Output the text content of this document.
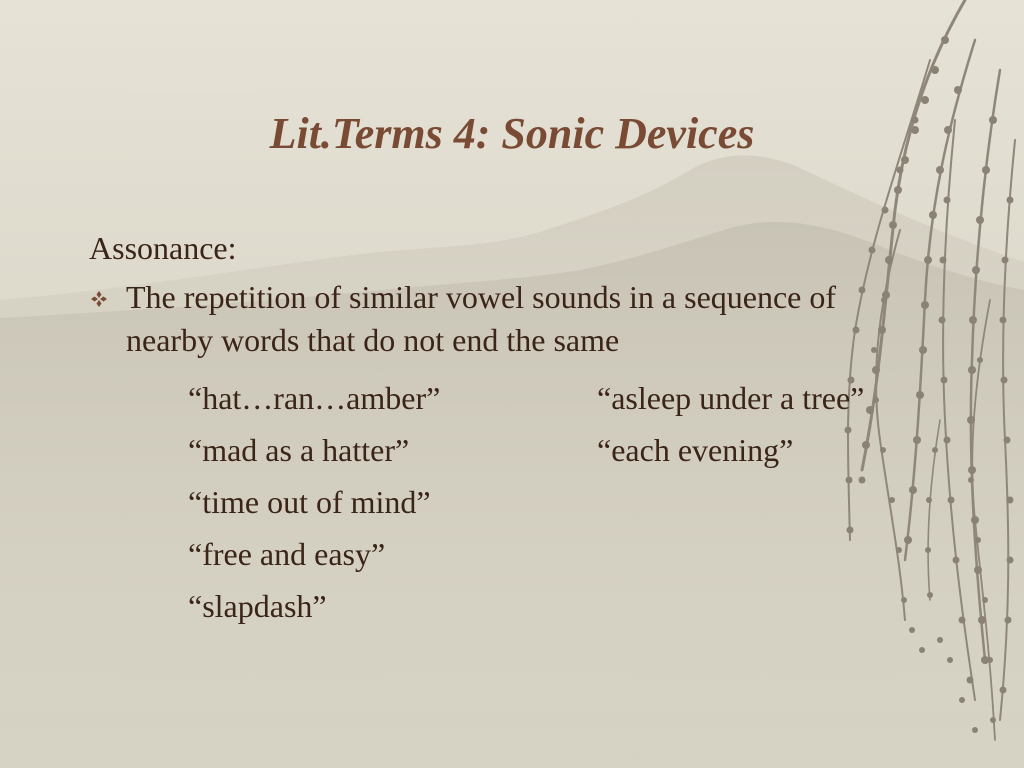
Lit.Terms 4: Sonic Devices

Assonance:

The repetition of similar vowel sounds in a sequence of nearby words that do not end the same
“hat…ran…amber”	“asleep under a tree”
“mad as a hatter”	“each evening”
“time out of mind”
“free and easy”
“slapdash”
